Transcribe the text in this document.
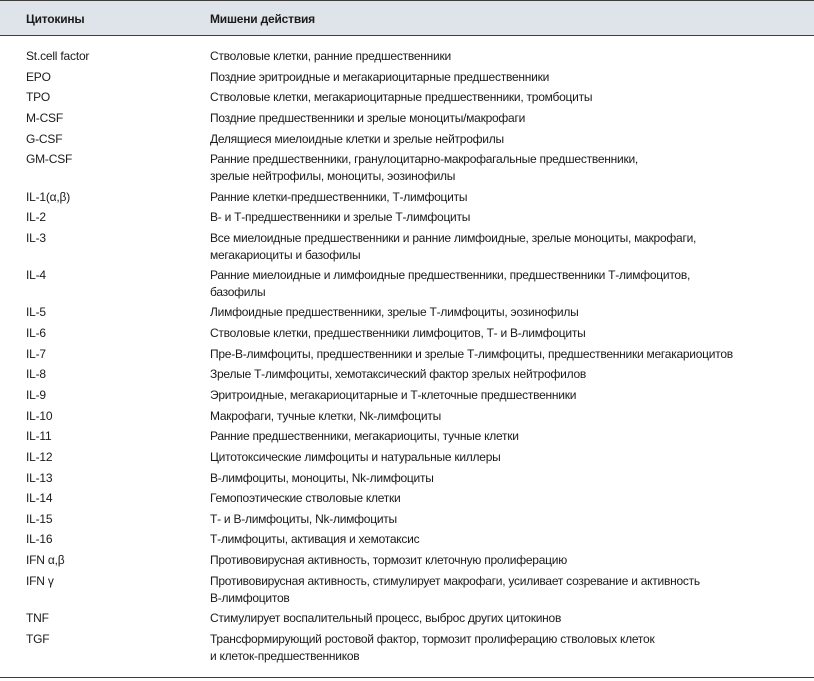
Цитокины	Мишени действия
St.cell factor	Стволовые клетки, ранние предшественники
EPO	Поздние эритроидные и мегакариоцитарные предшественники
TPO	Стволовые клетки, мегакариоцитарные предшественники, тромбоциты
M-CSF	Поздние предшественники и зрелые моноциты/макрофаги
G-CSF	Делящиеся миелоидные клетки и зрелые нейтрофилы
GM-CSF	Ранние предшественники, гранулоцитарно-макрофагальные предшественники,
зрелые нейтрофилы, моноциты, эозинофилы
IL-1(α,β)	Ранние клетки-предшественники, Т-лимфоциты
IL-2	В- и Т-предшественники и зрелые Т-лимфоциты
IL-3	Все миелоидные предшественники и ранние лимфоидные, зрелые моноциты, макрофаги,
мегакариоциты и базофилы
IL-4	Ранние миелоидные и лимфоидные предшественники, предшественники Т-лимфоцитов,
базофилы
IL-5	Лимфоидные предшественники, зрелые Т-лимфоциты, эозинофилы
IL-6	Стволовые клетки, предшественники лимфоцитов, Т- и В-лимфоциты
IL-7	Пре-В-лимфоциты, предшественники и зрелые Т-лимфоциты, предшественники мегакариоцитов
IL-8	Зрелые Т-лимфоциты, хемотаксический фактор зрелых нейтрофилов
IL-9	Эритроидные, мегакариоцитарные и Т-клеточные предшественники
IL-10	Макрофаги, тучные клетки, Nk-лимфоциты
IL-11	Ранние предшественники, мегакариоциты, тучные клетки
IL-12	Цитотоксические лимфоциты и натуральные киллеры
IL-13	В-лимфоциты, моноциты, Nk-лимфоциты
IL-14	Гемопоэтические стволовые клетки
IL-15	Т- и В-лимфоциты, Nk-лимфоциты
IL-16	Т-лимфоциты, активация и хемотаксис
IFN α,β	Противовирусная активность, тормозит клеточную пролиферацию
IFN γ	Противовирусная активность, стимулирует макрофаги, усиливает созревание и активность
В-лимфоцитов
TNF	Стимулирует воспалительный процесс, выброс других цитокинов
TGF	Трансформирующий ростовой фактор, тормозит пролиферацию стволовых клеток
и клеток-предшественников
